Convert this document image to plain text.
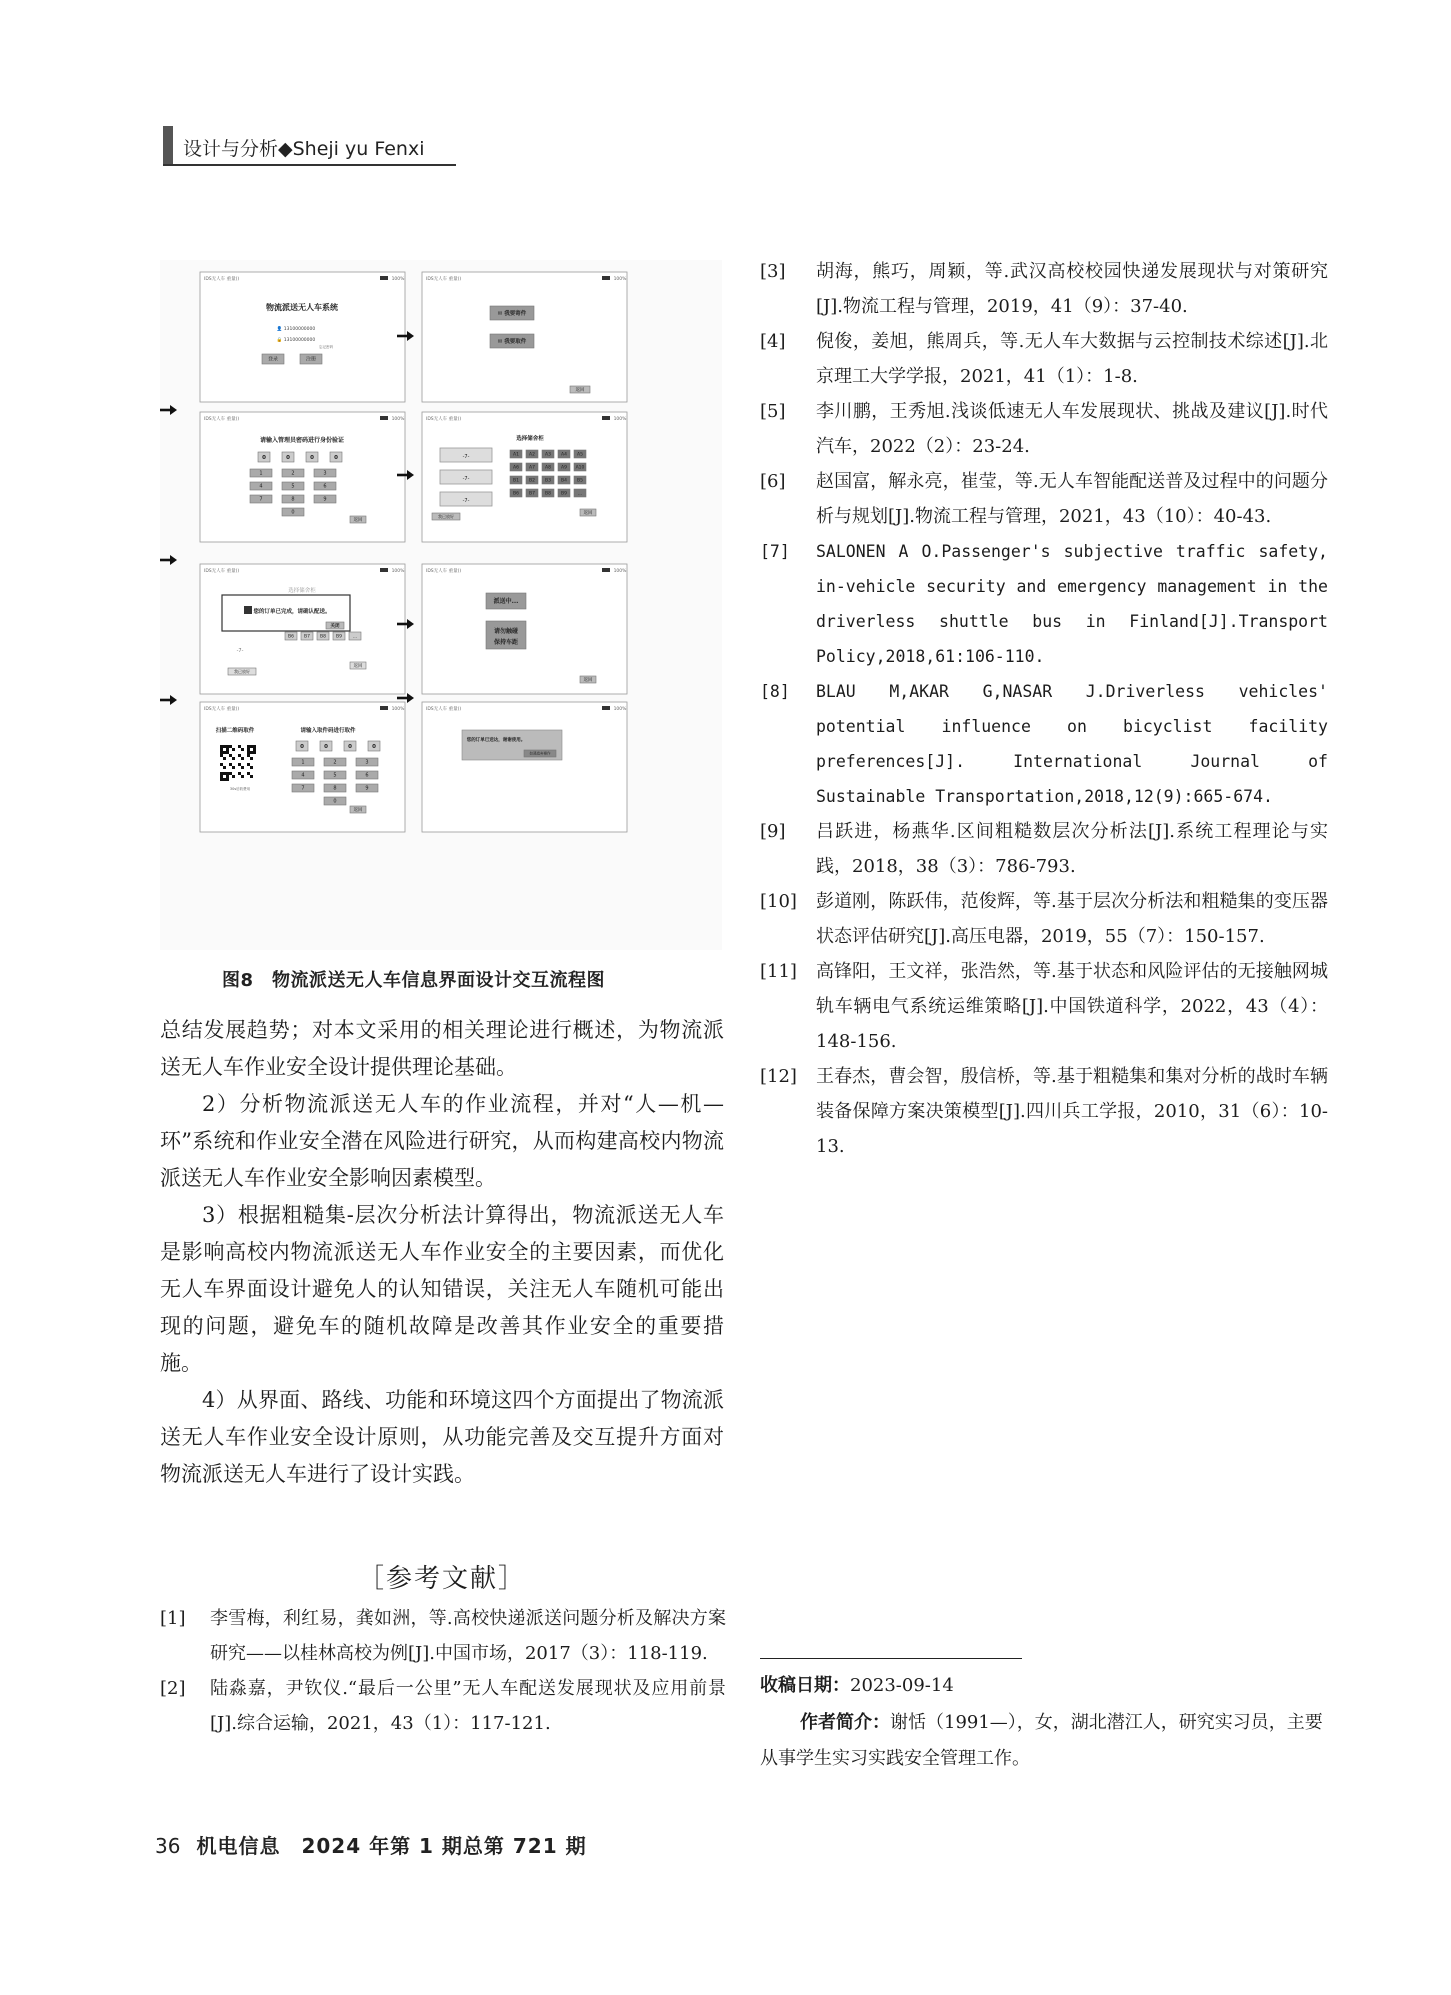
设计与分析◆Sheji yu Fenxi
IDS无人车 重量()	100%
物流派送无人车系统
👤 13100000000
🔒 13100000000
忘记密码
登录	注册
IDS无人车 重量()	100%
✉ 我要寄件
✉ 我要取件
返回
IDS无人车 重量()	100%
请输入管理员密码进行身份验证
0	0	0	0
1	2	3
4	5	6
7	8	9
0
返回
IDS无人车 重量()	100%
选择储舍柜
-7-
-7-
-7-
A1 A2 A3 A4 A5
A6 A7 A8 A9 A10
B1 B2 B3 B4 B5
B6 B7 B8 B9 ...
我已放好
返回
IDS无人车 重量()	100%
选择储舍柜
B6 B7 B8 B9 ...
-7-
我已放好
返回
您的订单已完成，请确认配送。
关闭
IDS无人车 重量()	100%
派送中...
请勿触碰
保持车距
返回
IDS无人车 重量()	100%
扫描二维码取件
30s后收费用
请输入取件码进行取件
0	0	0	0
1	2	3
4	5	6
7	8	9
0
返回
IDS无人车 重量()	100%
您的订单已送达，谢谢使用。
如遇遗弃操作
图8　物流派送无人车信息界面设计交互流程图

总结发展趋势；对本文采用的相关理论进行概述，为物流派送无人车作业安全设计提供理论基础。

2）分析物流派送无人车的作业流程，并对“人—机—环”系统和作业安全潜在风险进行研究，从而构建高校内物流派送无人车作业安全影响因素模型。

3）根据粗糙集-层次分析法计算得出，物流派送无人车是影响高校内物流派送无人车作业安全的主要因素，而优化无人车界面设计避免人的认知错误，关注无人车随机可能出现的问题，避免车的随机故障是改善其作业安全的重要措施。

4）从界面、路线、功能和环境这四个方面提出了物流派送无人车作业安全设计原则，从功能完善及交互提升方面对物流派送无人车进行了设计实践。

［参考文献］
[1] 李雪梅，利红易，龚如洲，等.高校快递派送问题分析及解决方案研究——以桂林高校为例[J].中国市场，2017（3）：118-119.
[2] 陆淼嘉，尹钦仪.“最后一公里”无人车配送发展现状及应用前景[J].综合运输，2021，43（1）：117-121.
[3] 胡海，熊巧，周颖，等.武汉高校校园快递发展现状与对策研究[J].物流工程与管理，2019，41（9）：37-40.
[4] 倪俊，姜旭，熊周兵，等.无人车大数据与云控制技术综述[J].北京理工大学学报，2021，41（1）：1-8.
[5] 李川鹏，王秀旭.浅谈低速无人车发展现状、挑战及建议[J].时代汽车，2022（2）：23-24.
[6] 赵国富，解永亮，崔莹，等.无人车智能配送普及过程中的问题分析与规划[J].物流工程与管理，2021，43（10）：40-43.
[7] SALONEN A O.Passenger's subjective traffic safety, in-vehicle security and emergency management in the driverless shuttle bus in Finland[J].Transport Policy,2018,61:106-110.
[8] BLAU M,AKAR G,NASAR J.Driverless vehicles' potential influence on bicyclist facility preferences[J]. International Journal of Sustainable Transportation,2018,12(9):665-674.
[9] 吕跃进，杨燕华.区间粗糙数层次分析法[J].系统工程理论与实践，2018，38（3）：786-793.
[10] 彭道刚，陈跃伟，范俊辉，等.基于层次分析法和粗糙集的变压器状态评估研究[J].高压电器，2019，55（7）：150-157.
[11] 高锋阳，王文祥，张浩然，等.基于状态和风险评估的无接触网城轨车辆电气系统运维策略[J].中国铁道科学，2022，43（4）：148-156.
[12] 王春杰，曹会智，殷信桥，等.基于粗糙集和集对分析的战时车辆装备保障方案决策模型[J].四川兵工学报，2010，31（6）：10-13.
收稿日期：2023-09-14
作者简介：谢恬（1991—），女，湖北潜江人，研究实习员，主要从事学生实习实践安全管理工作。
36 机电信息　2024 年第 1 期总第 721 期
